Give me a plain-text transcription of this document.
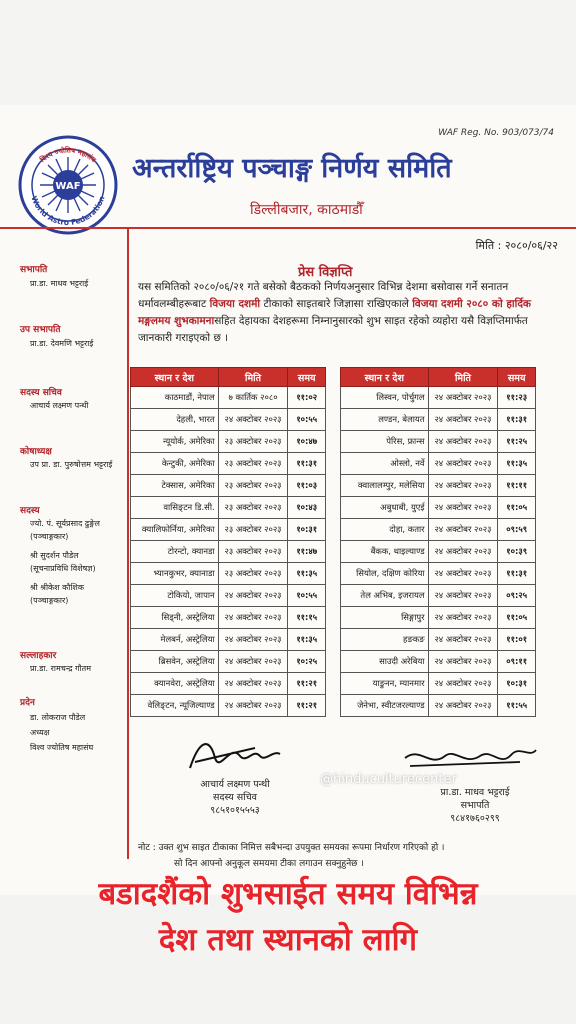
WAF Reg. No. 903/073/74
WAF
World Astro Federation
विश्व ज्योतिष महासंघ अन्तर्राष्ट्रिय पञ्चाङ्ग निर्णय समिति
डिल्लीबजार, काठमाडौँ
मिति : २०८०/०६/२२
सभापति
प्रा.डा. माधव भट्टराई
उप सभापति
प्रा.डा. देवमणि भट्टराई
सदस्य सचिव
आचार्य लक्ष्मण पन्थी
कोषाध्यक्ष
उप प्रा. डा. पुरुषोत्तम भट्टराई
सदस्य
ज्यो. पं. सूर्यप्रसाद ढुङ्गेल
(पञ्चाङ्गकार)
श्री सुदर्शन पौडेल
(सूचनाप्रविधि विशेषज्ञ)
श्री श्रीकेश कौशिक
(पञ्चाङ्गकार)
सल्लाहकार
प्रा.डा. रामचन्द्र गौतम
प्रदेन
डा. लोकराज पौडेल
अध्यक्ष
विश्व ज्योतिष महासंघ
प्रेस विज्ञप्ति
यस समितिको २०८०/०६/२१ गते बसेको बैठकको निर्णयअनुसार विभिन्न देशमा बसोवास गर्ने सनातन धर्मावलम्बीहरूबाट विजया दशमी टीकाको साइतबारे जिज्ञासा राखिएकाले विजया दशमी २०८० को हार्दिक मङ्गलमय शुभकामनासहित देहायका देशहरूमा निम्नानुसारको शुभ साइत रहेको व्यहोरा यसै विज्ञप्तिमार्फत जानकारी गराइएको छ ।
स्थान र देश	मिति	समय
काठमाडौं, नेपाल	७ कार्तिक २०८०	११:०२
देहली, भारत	२४ अक्टोबर २०२३	१०:५५
न्यूयोर्क, अमेरिका	२३ अक्टोबर २०२३	१०:४७
केन्टुकी, अमेरिका	२३ अक्टोबर २०२३	११:३१
टेक्सास, अमेरिका	२३ अक्टोबर २०२३	११:०३
वासिङ्टन डि.सी.	२३ अक्टोबर २०२३	१०:४३
क्यालिफोर्निया, अमेरिका	२३ अक्टोबर २०२३	१०:३१
टोरन्टो, क्यानडा	२३ अक्टोबर २०२३	११:४७
भ्यानकुभर, क्यानाडा	२३ अक्टोबर २०२३	११:३५
टोकियो, जापान	२४ अक्टोबर २०२३	१०:५५
सिड्नी, अस्ट्रेलिया	२४ अक्टोबर २०२३	११:१५
मेलबर्न, अस्ट्रेलिया	२४ अक्टोबर २०२३	११:३५
ब्रिसवेन, अस्ट्रेलिया	२४ अक्टोबर २०२३	१०:२५
क्यानवेरा, अस्ट्रेलिया	२४ अक्टोबर २०२३	११:२१
वेलिङ्टन, न्यूजिल्याण्ड	२४ अक्टोबर २०२३	११:२१
स्थान र देश	मिति	समय
लिस्वन, पोर्चुगल	२४ अक्टोबर २०२३	११:२३
लण्डन, बेलायत	२४ अक्टोबर २०२३	११:३१
पेरिस, फ्रान्स	२४ अक्टोबर २०२३	११:२५
ओस्लो, नर्वे	२४ अक्टोबर २०२३	११:३५
क्वालालम्पुर, मलेसिया	२४ अक्टोबर २०२३	११:११
अबुधाबी, युएई	२४ अक्टोबर २०२३	११:०५
दोहा, कतार	२४ अक्टोबर २०२३	०९:५९
बैंकक, थाइल्याण्ड	२४ अक्टोबर २०२३	१०:३९
सियोल, दक्षिण कोरिया	२४ अक्टोबर २०२३	११:३१
तेल अभिब, इजरायल	२४ अक्टोबर २०२३	०९:२५
सिङ्गापुर	२४ अक्टोबर २०२३	११:०५
हङकङ	२४ अक्टोबर २०२३	११:०१
साउदी अरेबिया	२४ अक्टोबर २०२३	०९:११
याङुनन, म्यानमार	२४ अक्टोबर २०२३	१०:३१
जेनेभा, स्वीटजरल्याण्ड	२४ अक्टोबर २०२३	११:५५
आचार्य लक्ष्मण पन्थी
सदस्य सचिव
९८५१०१५५५३
प्रा.डा. माधव भट्टराई
सभापति
९८४१७६०२९९
@hinduculturecenter
नोट : उक्त शुभ साइत टीकाका निमित्त सबैभन्दा उपयुक्त समयका रूपमा निर्धारण गरिएको हो ।
सो दिन आफ्नो अनुकूल समयमा टीका लगाउन सक्नुहुनेछ ।
बडादशैंको शुभसाईत समय विभिन्न
देश तथा स्थानको लागि
